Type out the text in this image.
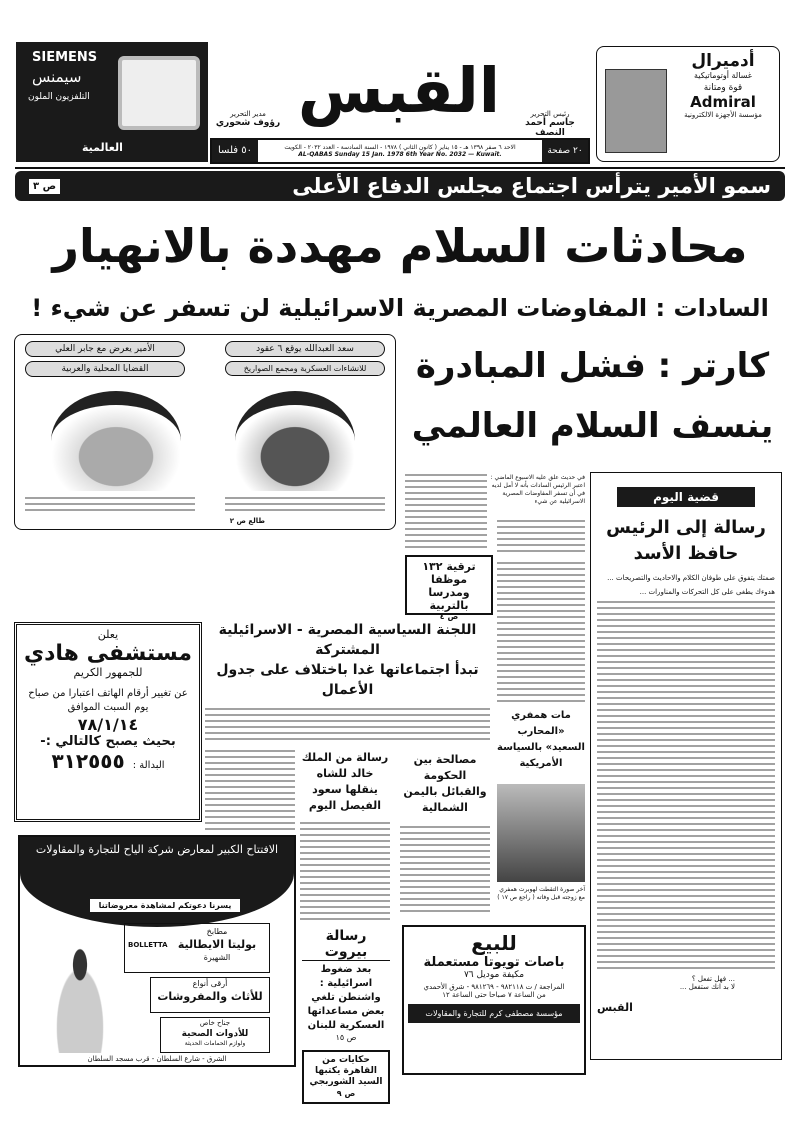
SIEMENS
سيمنس
التلفزيون الملون
العالمية
مدير التحرير
رؤوف شحوري القبس	رئيس التحرير
جاسم أحمد النصف
٢٠ صفحة
الاحد ٦ صفر ١٣٩٨ هـ - ١٥ يناير ( كانون الثاني ) ١٩٧٨ - السنة السادسة - العدد ٢٠٣٢ - الكويت
AL-QABAS Sunday 15 Jan. 1978 6th Year No. 2032 — Kuwait.
٥٠ فلسا
أدميرال
غسالة أوتوماتيكية
قوة ومتانة
Admiral
مؤسسة الأجهزة الالكترونية
سمو الأمير يترأس اجتماع مجلس الدفاع الأعلى
ص ٣
محادثات السلام مهددة بالانهيار
السادات : المفاوضات المصرية الاسرائيلية لن تسفر عن شيء !
سعد العبدالله يوقع ٦ عقود
للانشاءات العسكرية ومجمع الصواريخ
الأمير يعرض مع جابر العلي
القضايا المحلية والعربية
طالع ص ٢
كارتر : فشل المبادرة
ينسف السلام العالمي
في حديث علق عليه الاسبوع الماضي : اعتبر الرئيس السادات بأنه لا أمل لديه في أن تسفر المفاوضات المصرية الاسرائيلية عن شيء
ترقية ١٣٢ موظفا ومدرسا بالتربية
ص ٤
قضية اليوم
رسالة إلى الرئيس
حافظ الأسد
صمتك يتفوق على طوفان الكلام والاحاديث والتصريحات ...
هدوءك يطغى على كل التحركات والمناورات ...
... فهل تفعل ؟
لا بد انك ستفعل ...
القبس
يعلن
مستشفى هادي
للجمهور الكريم
عن تغيير أرقام الهاتف اعتبارا من صباح يوم السبت الموافق
٧٨/١/١٤
بحيث يصبح كالتالي :-
البدالة :
٣١٢٥٥٥
اللجنة السياسية المصرية - الاسرائيلية المشتركة
تبدأ اجتماعاتها غدا باختلاف على جدول الأعمال
رسالة من الملك خالد للشاه ينقلها سعود الفيصل اليوم
مات همفري «المحارب السعيد» بالسياسة الأمريكية
مصالحة بين الحكومة والقبائل باليمن الشمالية
آخر صورة التقطت لهوبرت همفري مع زوجته قبل وفاته ( راجع ص ١٧ )
الافتتاح الكبير لمعارض شركة الياح للتجارة والمقاولات
يسرنا دعوتكم لمشاهدة معروضاتنا
مطابخ
بوليتا الايطالية
الشهيرة
BOLLETTA
أرقى أنواع
للأثاث والمفروشات
جناح خاص
للأدوات الصحية
ولوازم الحمامات الحديثة
الشرق - شارع السلطان - قرب مسجد السلطان
رسالة بيروت
بعد ضغوط اسرائيلية : واشنطن تلغي بعض مساعداتها العسكرية للبنان
ص ١٥
حكايات من القاهرة يكتبها السيد الشوربجي
ص ٩
للبيع
باصات تويوتا مستعملة
مكيفة موديل ٧٦
المراجعة / ت ٩٨٢١١٨ - ٩٨١٢٦٩ - شرق الأحمدي
من الساعة ٧ صباحا حتى الساعة ١٢
مؤسسة مصطفى كرم للتجارة والمقاولات
